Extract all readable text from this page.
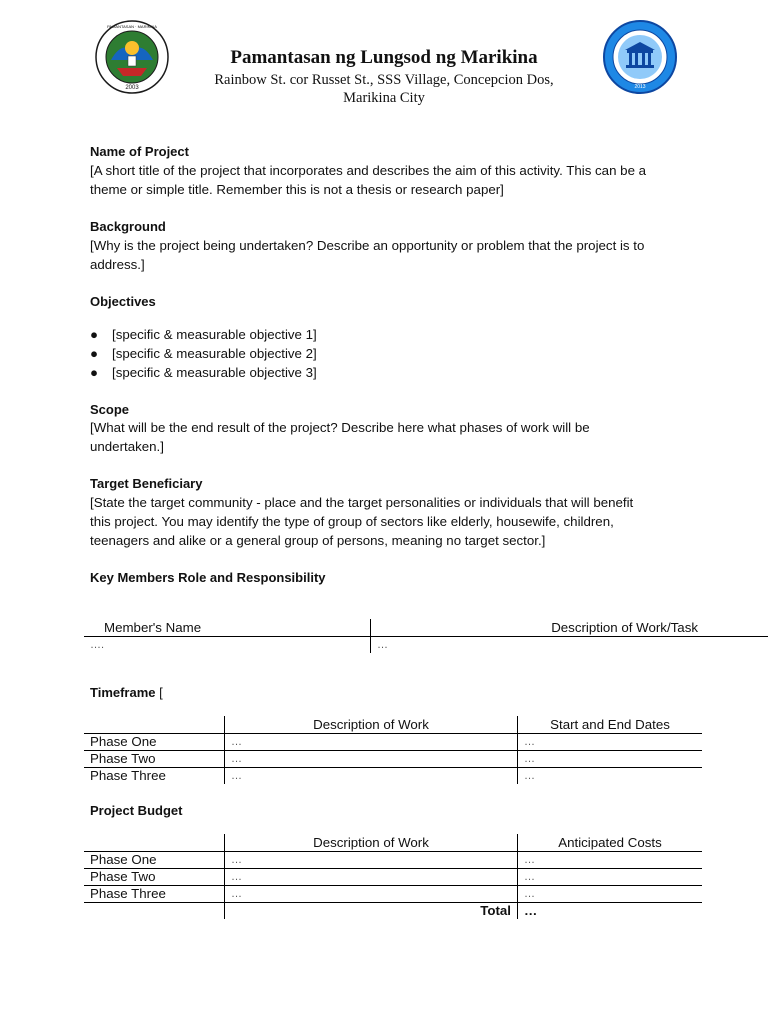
2003
PAMANTASAN · MARIKINA
Pamantasan ng Lungsod ng Marikina
Rainbow St. cor Russet St., SSS Village, Concepcion Dos,
Marikina City
2013
Name of Project
[A short title of the project that incorporates and describes the aim of this activity. This can be a
theme or simple title. Remember this is not a thesis or research paper]
Background
[Why is the project being undertaken? Describe an opportunity or problem that the project is to
address.]
Objectives
● [specific & measurable objective 1]
● [specific & measurable objective 2]
● [specific & measurable objective 3]
Scope
[What will be the end result of the project? Describe here what phases of work will be
undertaken.]
Target Beneficiary
[State the target community - place and the target personalities or individuals that will benefit
this project. You may identify the type of group of sectors like elderly, housewife, children,
teenagers and alike or a general group of persons, meaning no target sector.]
Key Members Role and Responsibility
Member's Name	Description of Work/Task
….	…
Timeframe [
	Description of Work	Start and End Dates
Phase One	…	…
Phase Two	…	…
Phase Three	…	…
Project Budget
	Description of Work	Anticipated Costs
Phase One	…	…
Phase Two	…	…
Phase Three	…	…
	Total	…
